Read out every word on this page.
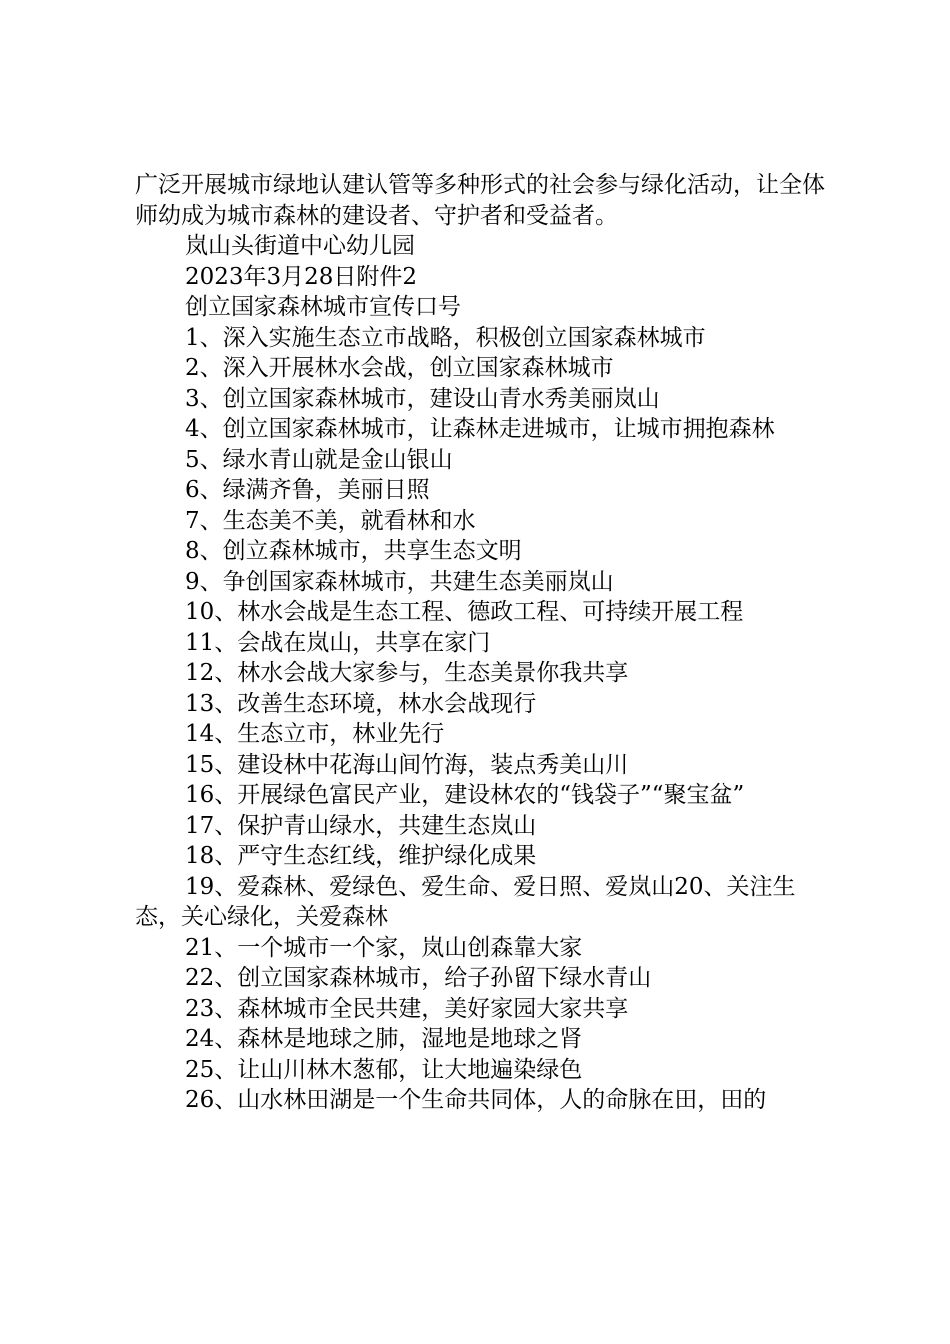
广泛开展城市绿地认建认管等多种形式的社会参与绿化活动，让全体师幼成为城市森林的建设者、守护者和受益者。

岚山头街道中心幼儿园

2023年3月28日附件2

创立国家森林城市宣传口号

1、深入实施生态立市战略，积极创立国家森林城市

2、深入开展林水会战，创立国家森林城市

3、创立国家森林城市，建设山青水秀美丽岚山

4、创立国家森林城市，让森林走进城市，让城市拥抱森林

5、绿水青山就是金山银山

6、绿满齐鲁，美丽日照

7、生态美不美，就看林和水

8、创立森林城市，共享生态文明

9、争创国家森林城市，共建生态美丽岚山

10、林水会战是生态工程、德政工程、可持续开展工程

11、会战在岚山，共享在家门

12、林水会战大家参与，生态美景你我共享

13、改善生态环境，林水会战现行

14、生态立市，林业先行

15、建设林中花海山间竹海，装点秀美山川

16、开展绿色富民产业，建设林农的“钱袋子”“聚宝盆”

17、保护青山绿水，共建生态岚山

18、严守生态红线，维护绿化成果

19、爱森林、爱绿色、爱生命、爱日照、爱岚山20、关注生态，关心绿化，关爱森林

21、一个城市一个家，岚山创森靠大家

22、创立国家森林城市，给子孙留下绿水青山

23、森林城市全民共建，美好家园大家共享

24、森林是地球之肺，湿地是地球之肾

25、让山川林木葱郁，让大地遍染绿色

26、山水林田湖是一个生命共同体，人的命脉在田，田的
